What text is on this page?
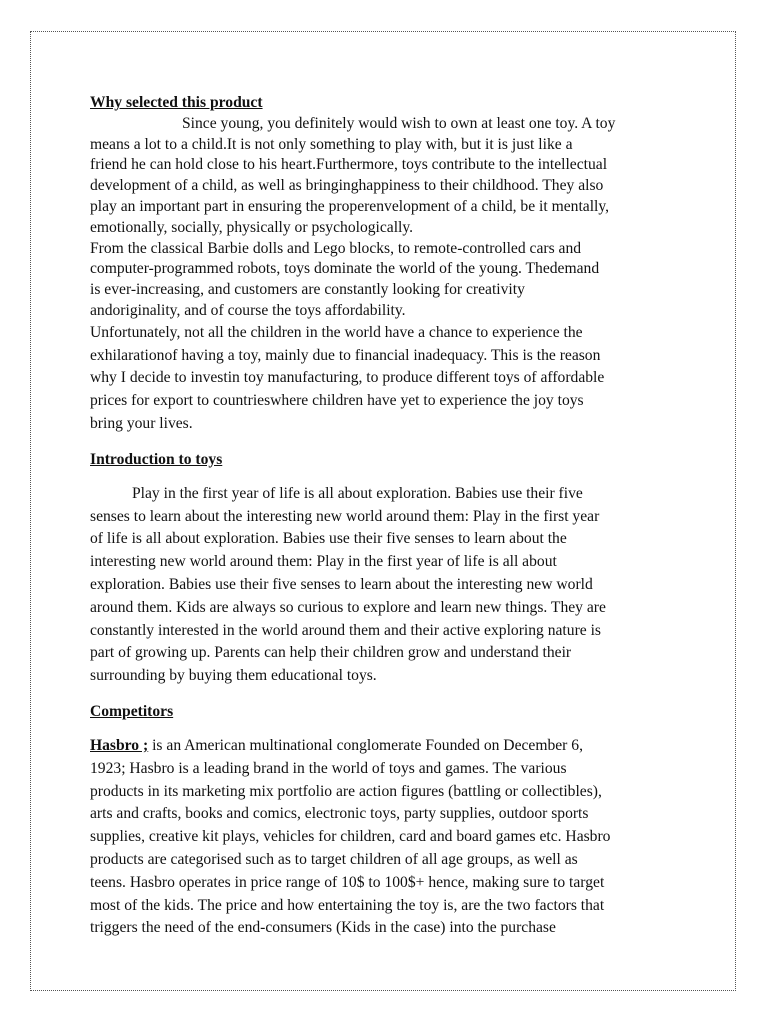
Why selected this product

Since young, you definitely would wish to own at least one toy. A toy

means a lot to a child.It is not only something to play with, but it is just like a

friend he can hold close to his heart.Furthermore, toys contribute to the intellectual

development of a child, as well as bringinghappiness to their childhood. They also

play an important part in ensuring the properenvelopment of a child, be it mentally,

emotionally, socially, physically or psychologically.

From the classical Barbie dolls and Lego blocks, to remote-controlled cars and

computer-programmed robots, toys dominate the world of the young. Thedemand

is ever-increasing, and customers are constantly looking for creativity

andoriginality, and of course the toys affordability.

Unfortunately, not all the children in the world have a chance to experience the

exhilarationof having a toy, mainly due to financial inadequacy. This is the reason

why I decide to investin toy manufacturing, to produce different toys of affordable

prices for export to countrieswhere children have yet to experience the joy toys

bring your lives.

Introduction to toys

Play in the first year of life is all about exploration. Babies use their five

senses to learn about the interesting new world around them: Play in the first year

of life is all about exploration. Babies use their five senses to learn about the

interesting new world around them: Play in the first year of life is all about

exploration. Babies use their five senses to learn about the interesting new world

around them. Kids are always so curious to explore and learn new things. They are

constantly interested in the world around them and their active exploring nature is

part of growing up. Parents can help their children grow and understand their

surrounding by buying them educational toys.

Competitors

Hasbro ; is an American multinational conglomerate Founded on December 6,

1923; Hasbro is a leading brand in the world of toys and games. The various

products in its marketing mix portfolio are action figures (battling or collectibles),

arts and crafts, books and comics, electronic toys, party supplies, outdoor sports

supplies, creative kit plays, vehicles for children, card and board games etc. Hasbro

products are categorised such as to target children of all age groups, as well as

teens. Hasbro operates in price range of 10$ to 100$+ hence, making sure to target

most of the kids. The price and how entertaining the toy is, are the two factors that

triggers the need of the end-consumers (Kids in the case) into the purchase
